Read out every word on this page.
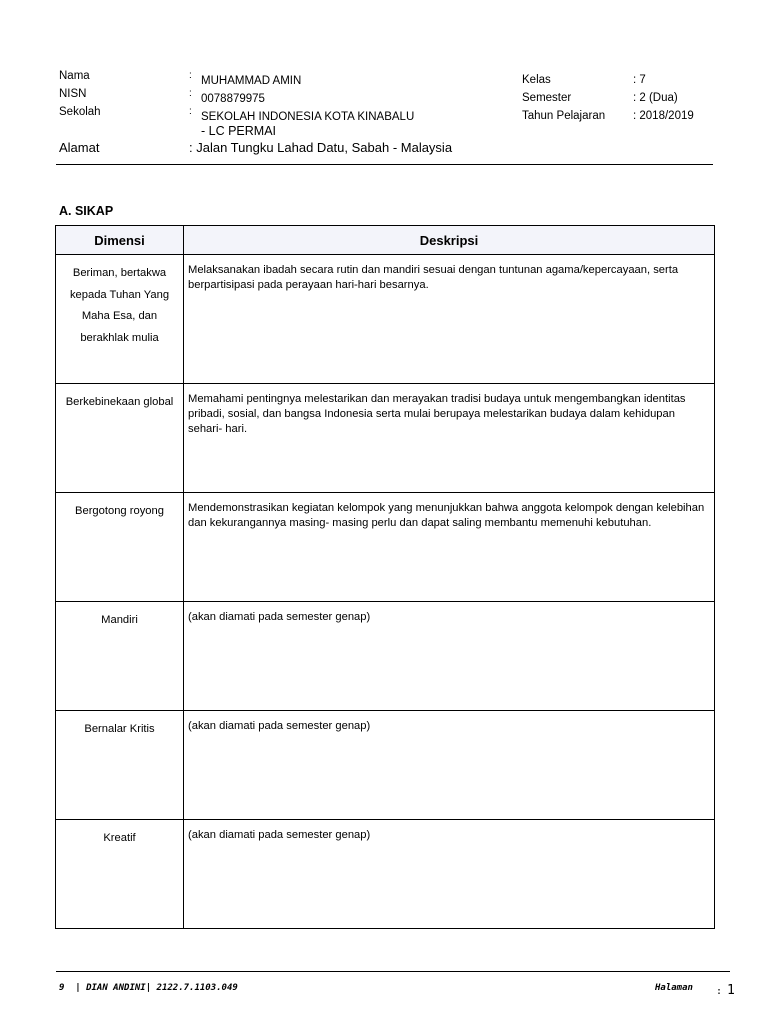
Nama	: MUHAMMAD AMIN
NISN	: 0078879975
Sekolah	: SEKOLAH INDONESIA KOTA KINABALU
- LC PERMAI
Alamat	: Jalan Tungku Lahad Datu, Sabah - Malaysia
Kelas	: 7
Semester	: 2 (Dua)
Tahun Pelajaran : 2018/2019
A. SIKAP
Dimensi	Deskripsi
Beriman, bertakwa kepada Tuhan Yang Maha Esa, dan berakhlak mulia	Melaksanakan ibadah secara rutin dan mandiri sesuai dengan tuntunan agama/kepercayaan, serta berpartisipasi pada perayaan hari-hari besarnya.
Berkebinekaan global	Memahami pentingnya melestarikan dan merayakan tradisi budaya untuk mengembangkan identitas pribadi, sosial, dan bangsa Indonesia serta mulai berupaya melestarikan budaya dalam kehidupan sehari- hari.
Bergotong royong	Mendemonstrasikan kegiatan kelompok yang menunjukkan bahwa anggota kelompok dengan kelebihan dan kekurangannya masing- masing perlu dan dapat saling membantu memenuhi kebutuhan.
Mandiri	(akan diamati pada semester genap)
Bernalar Kritis	(akan diamati pada semester genap)
Kreatif	(akan diamati pada semester genap)
9  | DIAN ANDINI| 2122.7.1103.049	Halaman : 1
